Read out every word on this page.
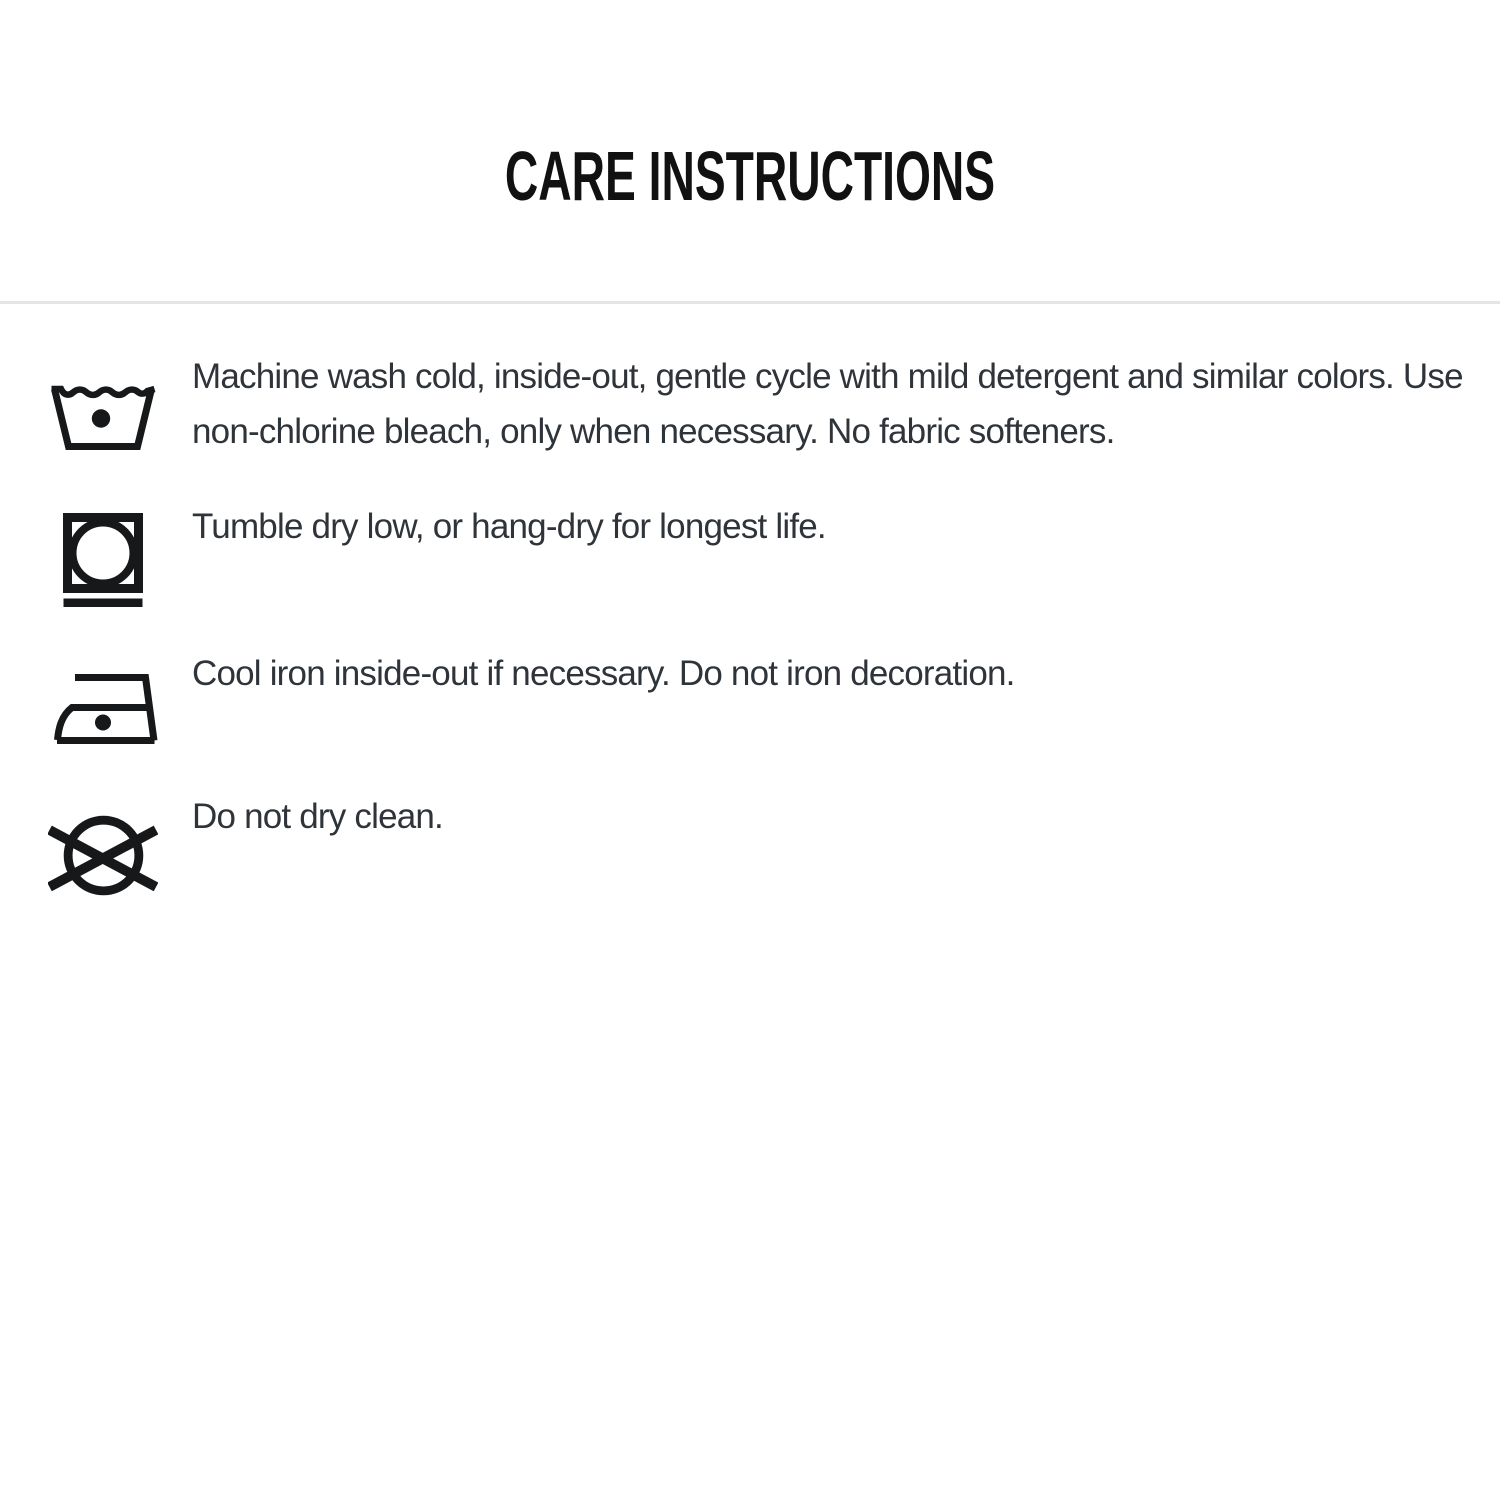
CARE INSTRUCTIONS

Machine wash cold, inside-out, gentle cycle with mild detergent and similar colors. Use non-chlorine bleach, only when necessary. No fabric softeners.

Tumble dry low, or hang-dry for longest life.

Cool iron inside-out if necessary. Do not iron decoration.

Do not dry clean.
